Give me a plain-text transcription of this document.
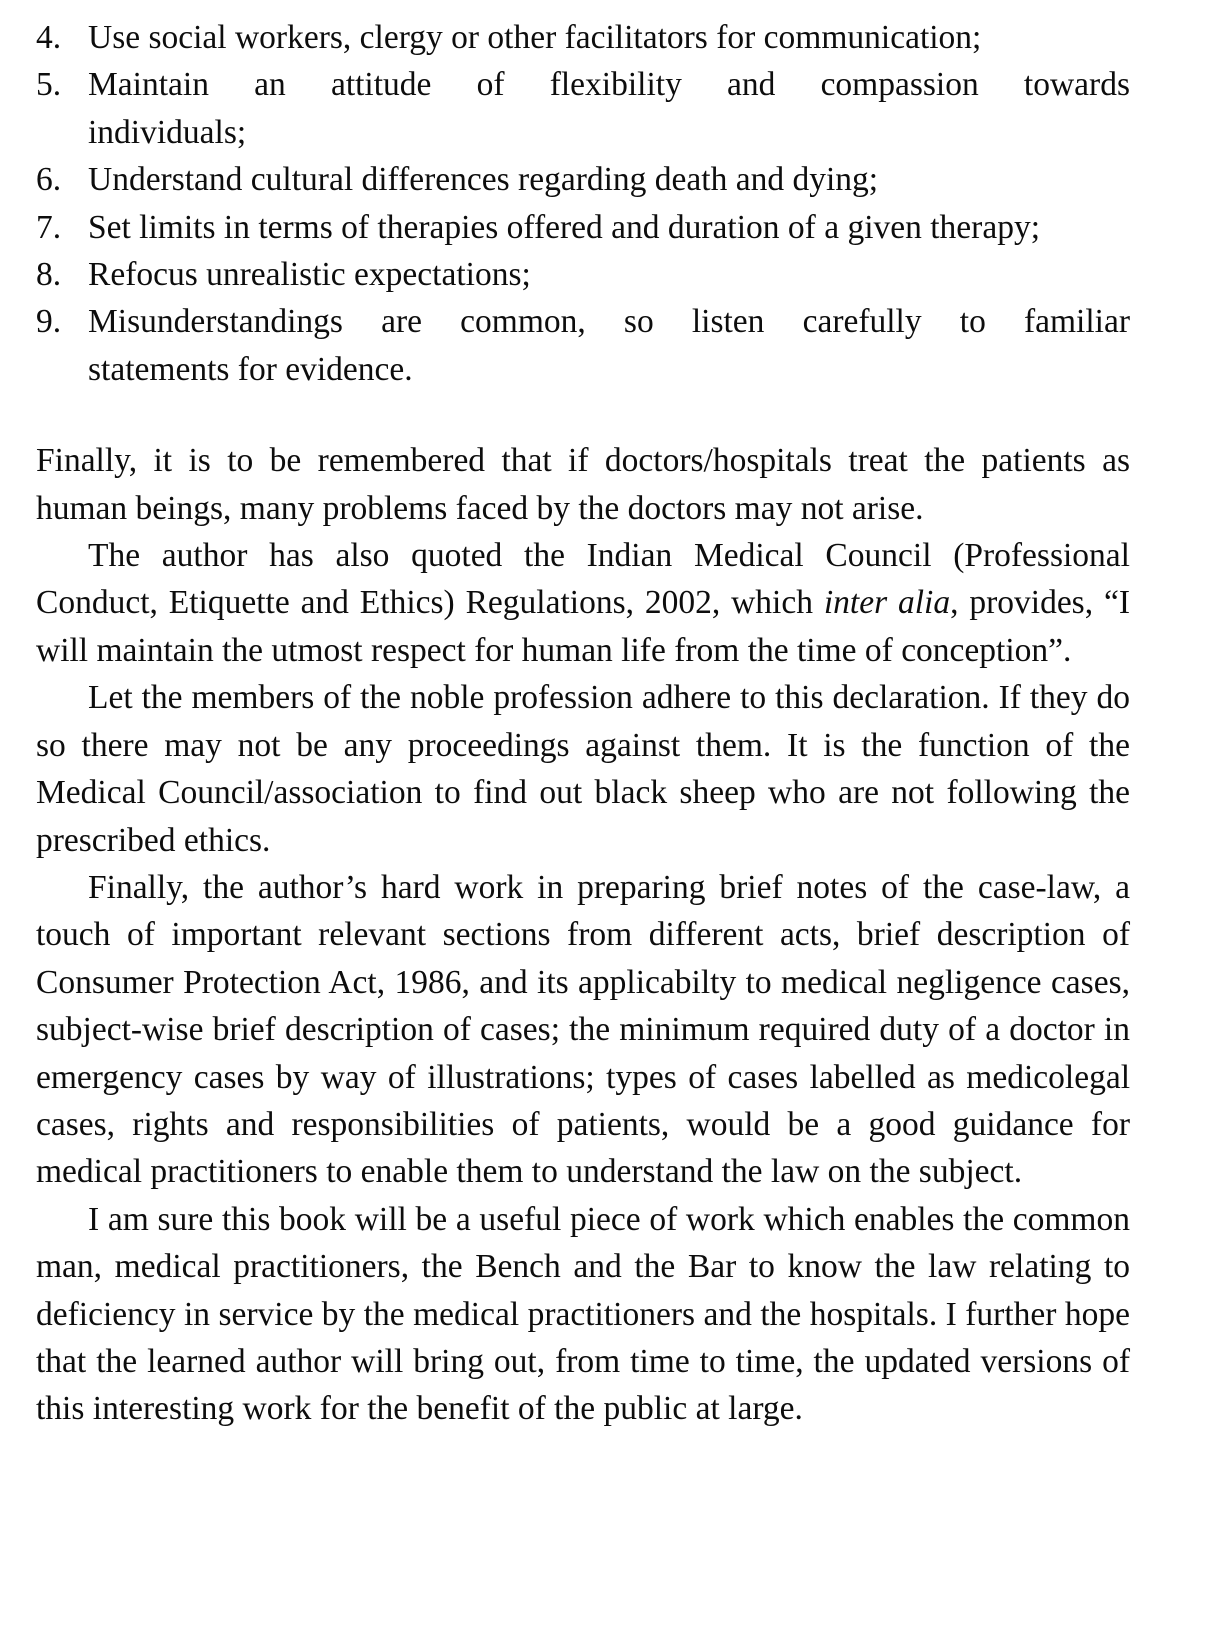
4. Use social workers, clergy or other facilitators for communication;
5. Maintain an attitude of flexibility and compassion towards
individuals;
6. Understand cultural differences regarding death and dying;
7. Set limits in terms of therapies offered and duration of a given therapy;
8. Refocus unrealistic expectations;
9. Misunderstandings are common, so listen carefully to familiar
statements for evidence.

Finally, it is to be remembered that if doctors/hospitals treat the patients as human beings, many problems faced by the doctors may not arise.

The author has also quoted the Indian Medical Council (Professional Conduct, Etiquette and Ethics) Regulations, 2002, which inter alia, provides, “I will maintain the utmost respect for human life from the time of conception”.

Let the members of the noble profession adhere to this declaration. If they do so there may not be any proceedings against them. It is the function of the Medical Council/association to find out black sheep who are not following the prescribed ethics.

Finally, the author’s hard work in preparing brief notes of the case-law, a touch of important relevant sections from different acts, brief description of Consumer Protection Act, 1986, and its applicabilty to medical negligence cases, subject-wise brief description of cases; the minimum required duty of a doctor in emergency cases by way of illustrations; types of cases labelled as medicolegal cases, rights and responsibilities of patients, would be a good guidance for medical practitioners to enable them to understand the law on the subject.

I am sure this book will be a useful piece of work which enables the common man, medical practitioners, the Bench and the Bar to know the law relating to deficiency in service by the medical practitioners and the hospitals. I further hope that the learned author will bring out, from time to time, the updated versions of this interesting work for the benefit of the public at large.
